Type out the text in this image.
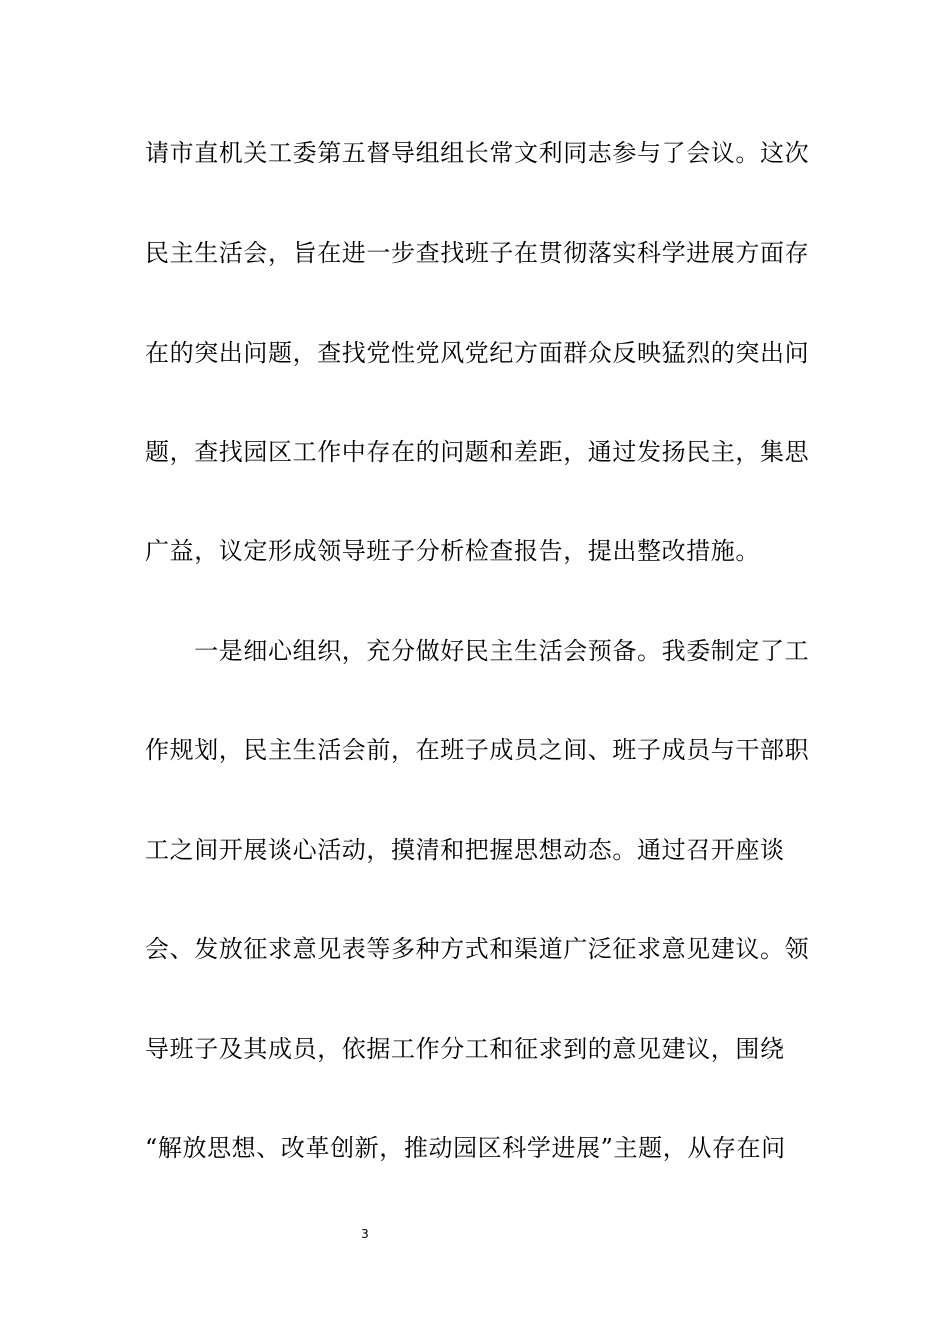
请市直机关工委第五督导组组长常文利同志参与了会议。这次
民主生活会，旨在进一步查找班子在贯彻落实科学进展方面存
在的突出问题，查找党性党风党纪方面群众反映猛烈的突出问
题，查找园区工作中存在的问题和差距，通过发扬民主，集思
广益，议定形成领导班子分析检查报告，提出整改措施。
　　一是细心组织，充分做好民主生活会预备。我委制定了工
作规划，民主生活会前，在班子成员之间、班子成员与干部职
工之间开展谈心活动，摸清和把握思想动态。通过召开座谈
会、发放征求意见表等多种方式和渠道广泛征求意见建议。领
导班子及其成员，依据工作分工和征求到的意见建议，围绕
“解放思想、改革创新，推动园区科学进展”主题，从存在问
3
